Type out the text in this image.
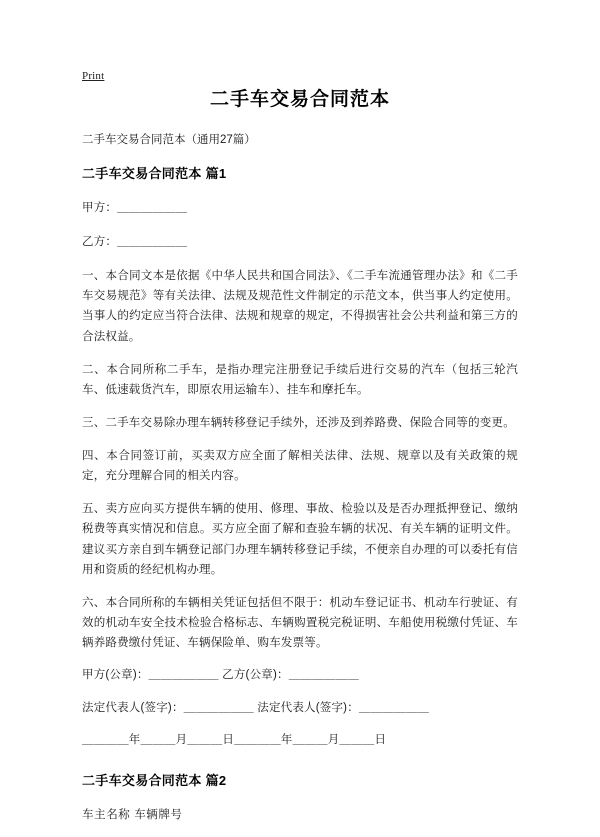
Print
二手车交易合同范本

二手车交易合同范本（通用27篇）

二手车交易合同范本 篇1

甲方：＿＿＿＿＿＿

乙方：＿＿＿＿＿＿

一、本合同文本是依据《中华人民共和国合同法》、《二手车流通管理办法》和《二手车交易规范》等有关法律、法规及规范性文件制定的示范文本，供当事人约定使用。当事人的约定应当符合法律、法规和规章的规定，不得损害社会公共利益和第三方的合法权益。

二、本合同所称二手车，是指办理完注册登记手续后进行交易的汽车（包括三轮汽车、低速载货汽车，即原农用运输车）、挂车和摩托车。

三、二手车交易除办理车辆转移登记手续外，还涉及到养路费、保险合同等的变更。

四、本合同签订前，买卖双方应全面了解相关法律、法规、规章以及有关政策的规定，充分理解合同的相关内容。

五、卖方应向买方提供车辆的使用、修理、事故、检验以及是否办理抵押登记、缴纳税费等真实情况和信息。买方应全面了解和查验车辆的状况、有关车辆的证明文件。建议买方亲自到车辆登记部门办理车辆转移登记手续，不便亲自办理的可以委托有信用和资质的经纪机构办理。

六、本合同所称的车辆相关凭证包括但不限于：机动车登记证书、机动车行驶证、有效的机动车安全技术检验合格标志、车辆购置税完税证明、车船使用税缴付凭证、车辆养路费缴付凭证、车辆保险单、购车发票等。

甲方(公章)：＿＿＿＿＿＿ 乙方(公章)：＿＿＿＿＿＿

法定代表人(签字)：＿＿＿＿＿＿ 法定代表人(签字)：＿＿＿＿＿＿

＿＿＿＿年＿＿＿月＿＿＿日＿＿＿＿年＿＿＿月＿＿＿日

二手车交易合同范本 篇2

车主名称 车辆牌号
